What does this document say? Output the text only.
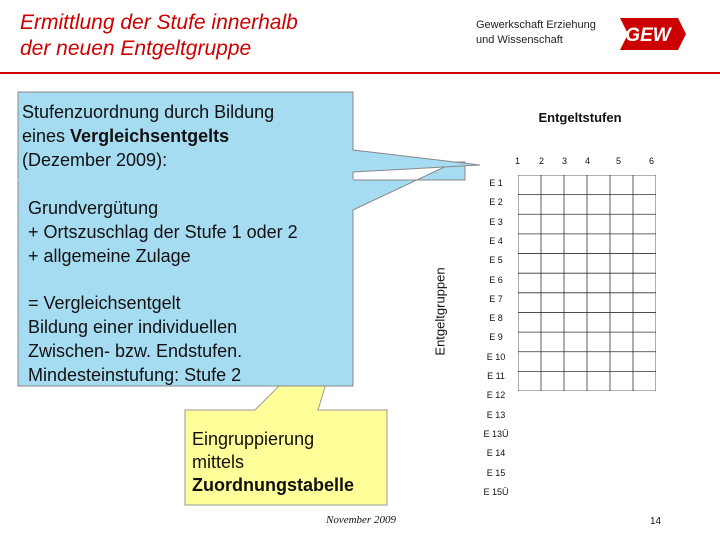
Ermittlung der Stufe innerhalb
der neuen Entgeltgruppe
Gewerkschaft Erziehung
und Wissenschaft	GEW
Stufenzuordnung durch Bildung
eines Vergleichsentgelts
(Dezember 2009):
Grundvergütung
+ Ortszuschlag der Stufe 1 oder 2
+ allgemeine Zulage
= Vergleichsentgelt
Bildung einer individuellen
Zwischen- bzw. Endstufen.
Mindesteinstufung: Stufe 2
Eingruppierung
mittels
Zuordnungstabelle
Entgeltstufen
Entgeltgruppen
1 2 3 4	5	6
E 1
E 2
E 3
E 4
E 5
E 6
E 7
E 8
E 9
E 10
E 11
E 12
E 13
E 13Ü
E 14
E 15
E 15Ü
November 2009	14
